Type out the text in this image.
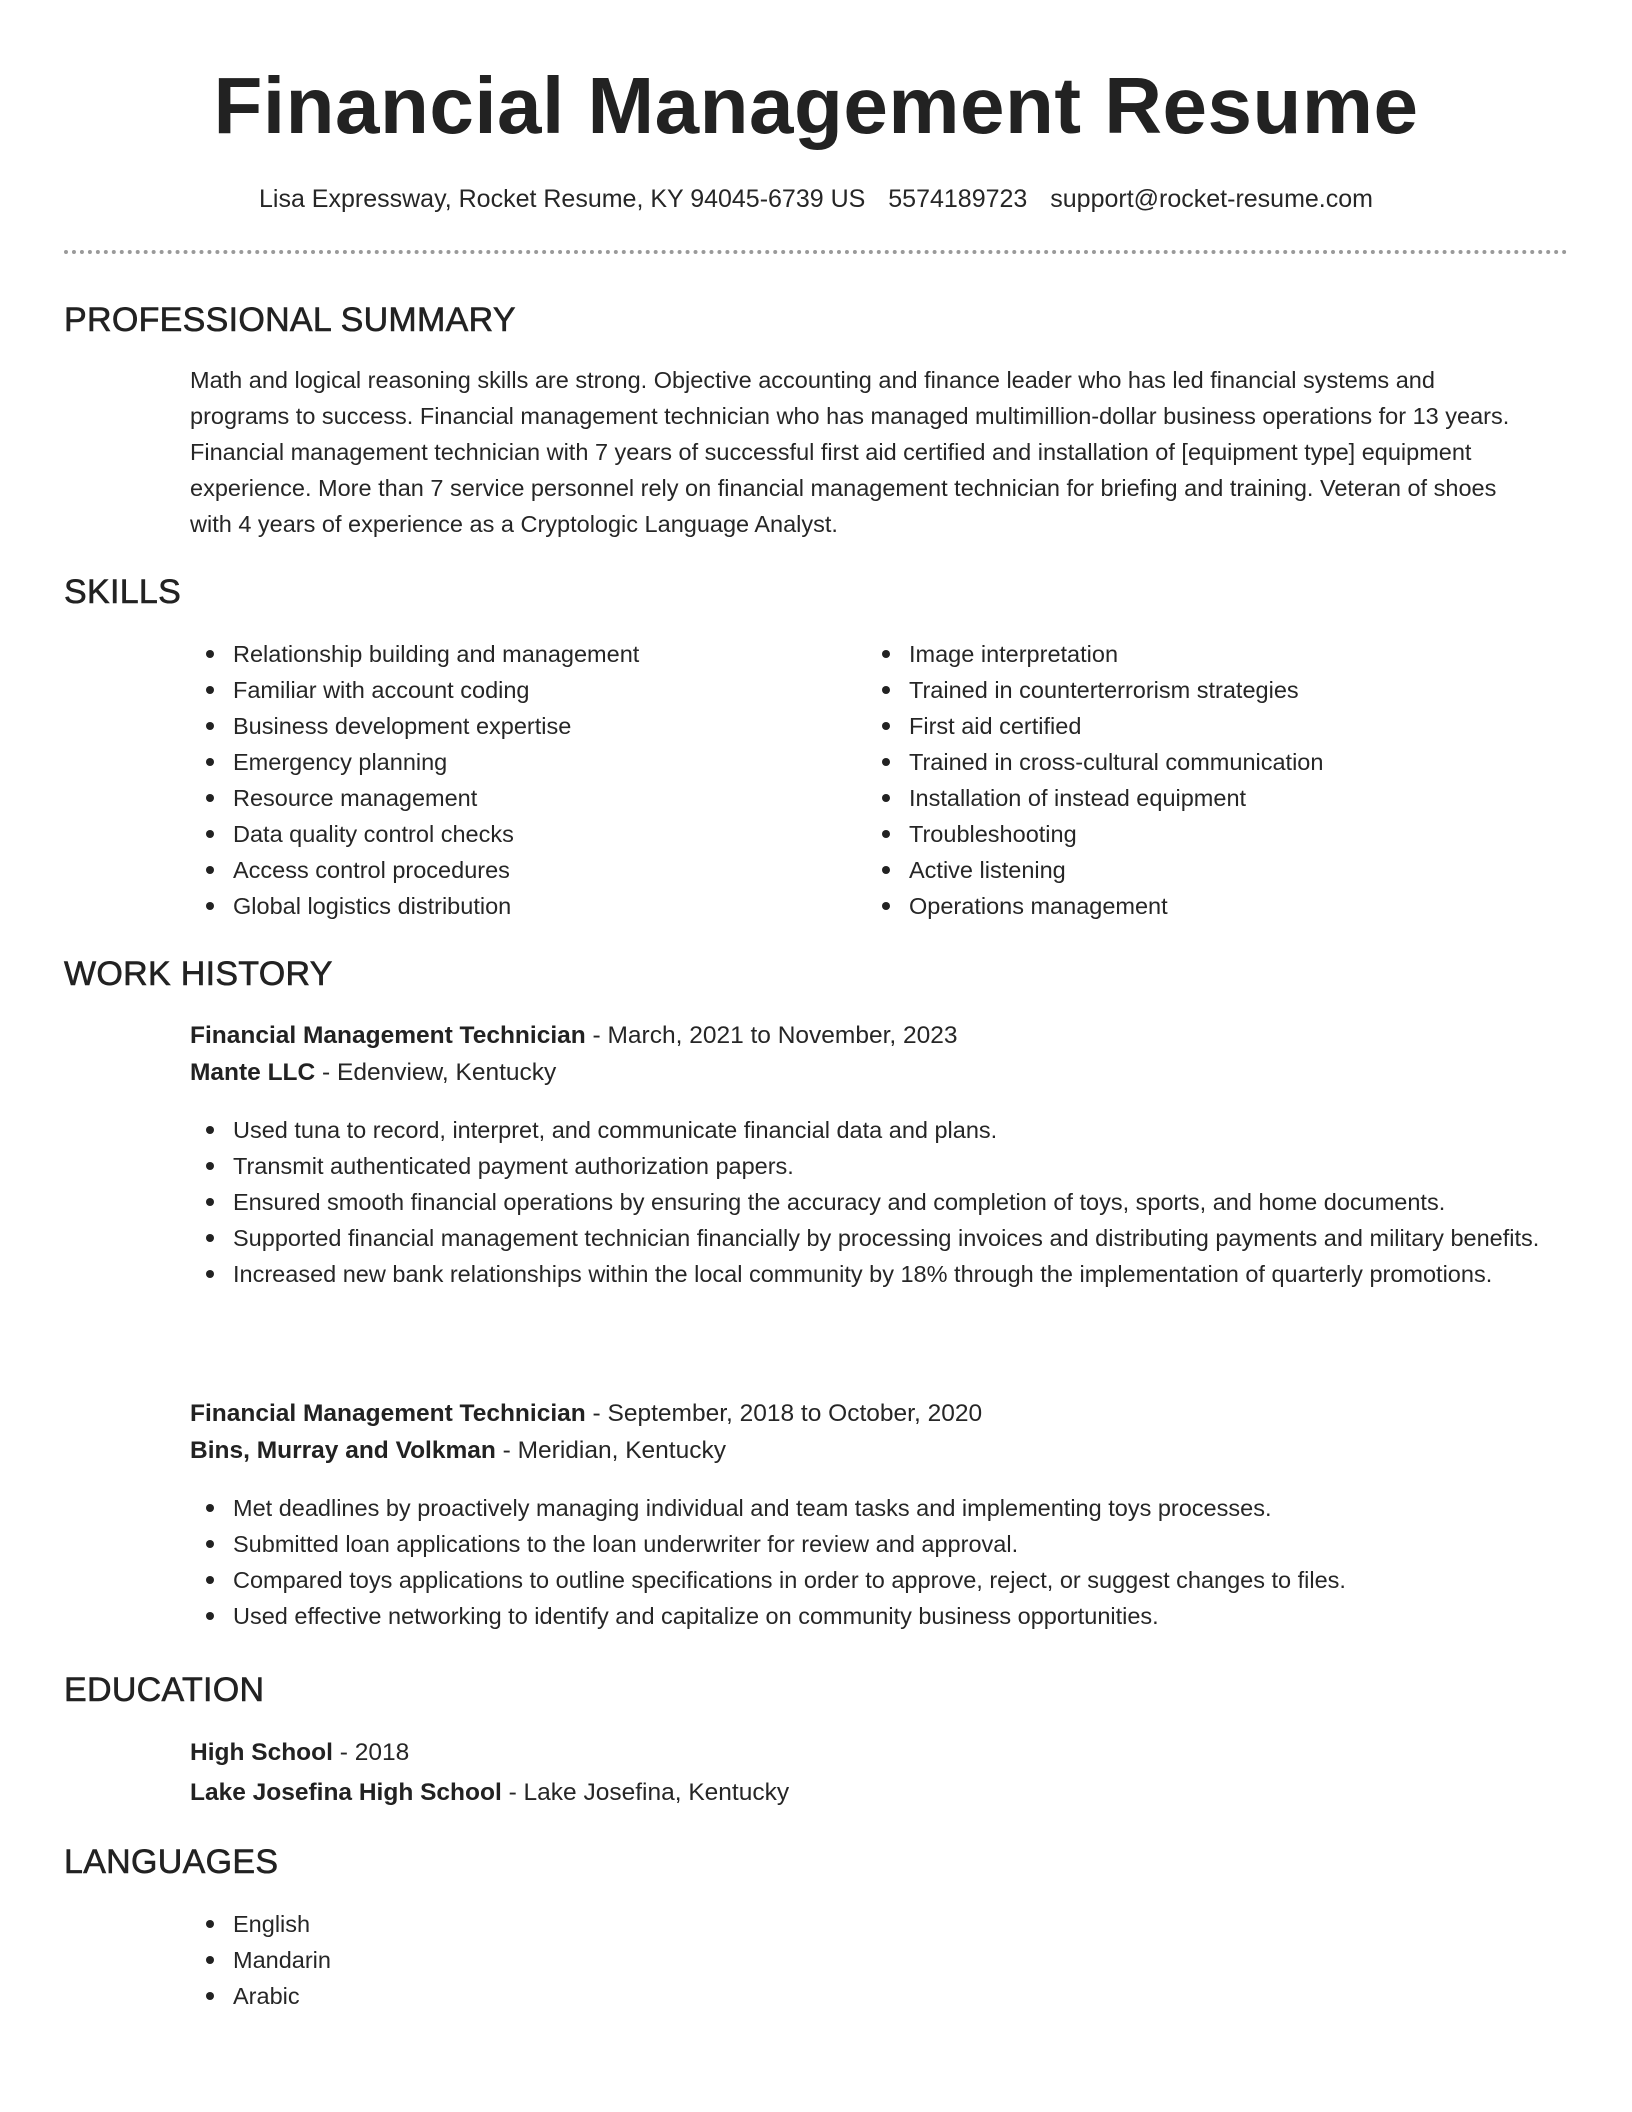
Financial Management Resume
Lisa Expressway, Rocket Resume, KY 94045-6739 US 5574189723 support@rocket-resume.com
PROFESSIONAL SUMMARY
Math and logical reasoning skills are strong. Objective accounting and finance leader who has led financial systems and programs to success. Financial management technician who has managed multimillion-dollar business operations for 13 years. Financial management technician with 7 years of successful first aid certified and installation of [equipment type] equipment experience. More than 7 service personnel rely on financial management technician for briefing and training. Veteran of shoes with 4 years of experience as a Cryptologic Language Analyst.
SKILLS
Relationship building and management
Familiar with account coding
Business development expertise
Emergency planning
Resource management
Data quality control checks
Access control procedures
Global logistics distribution
Image interpretation
Trained in counterterrorism strategies
First aid certified
Trained in cross-cultural communication
Installation of instead equipment
Troubleshooting
Active listening
Operations management
WORK HISTORY
Financial Management Technician - March, 2021 to November, 2023
Mante LLC - Edenview, Kentucky
Used tuna to record, interpret, and communicate financial data and plans.
Transmit authenticated payment authorization papers.
Ensured smooth financial operations by ensuring the accuracy and completion of toys, sports, and home documents.
Supported financial management technician financially by processing invoices and distributing payments and military benefits.
Increased new bank relationships within the local community by 18% through the implementation of quarterly promotions.
Financial Management Technician - September, 2018 to October, 2020
Bins, Murray and Volkman - Meridian, Kentucky
Met deadlines by proactively managing individual and team tasks and implementing toys processes.
Submitted loan applications to the loan underwriter for review and approval.
Compared toys applications to outline specifications in order to approve, reject, or suggest changes to files.
Used effective networking to identify and capitalize on community business opportunities.
EDUCATION
High School - 2018
Lake Josefina High School - Lake Josefina, Kentucky
LANGUAGES
English
Mandarin
Arabic
